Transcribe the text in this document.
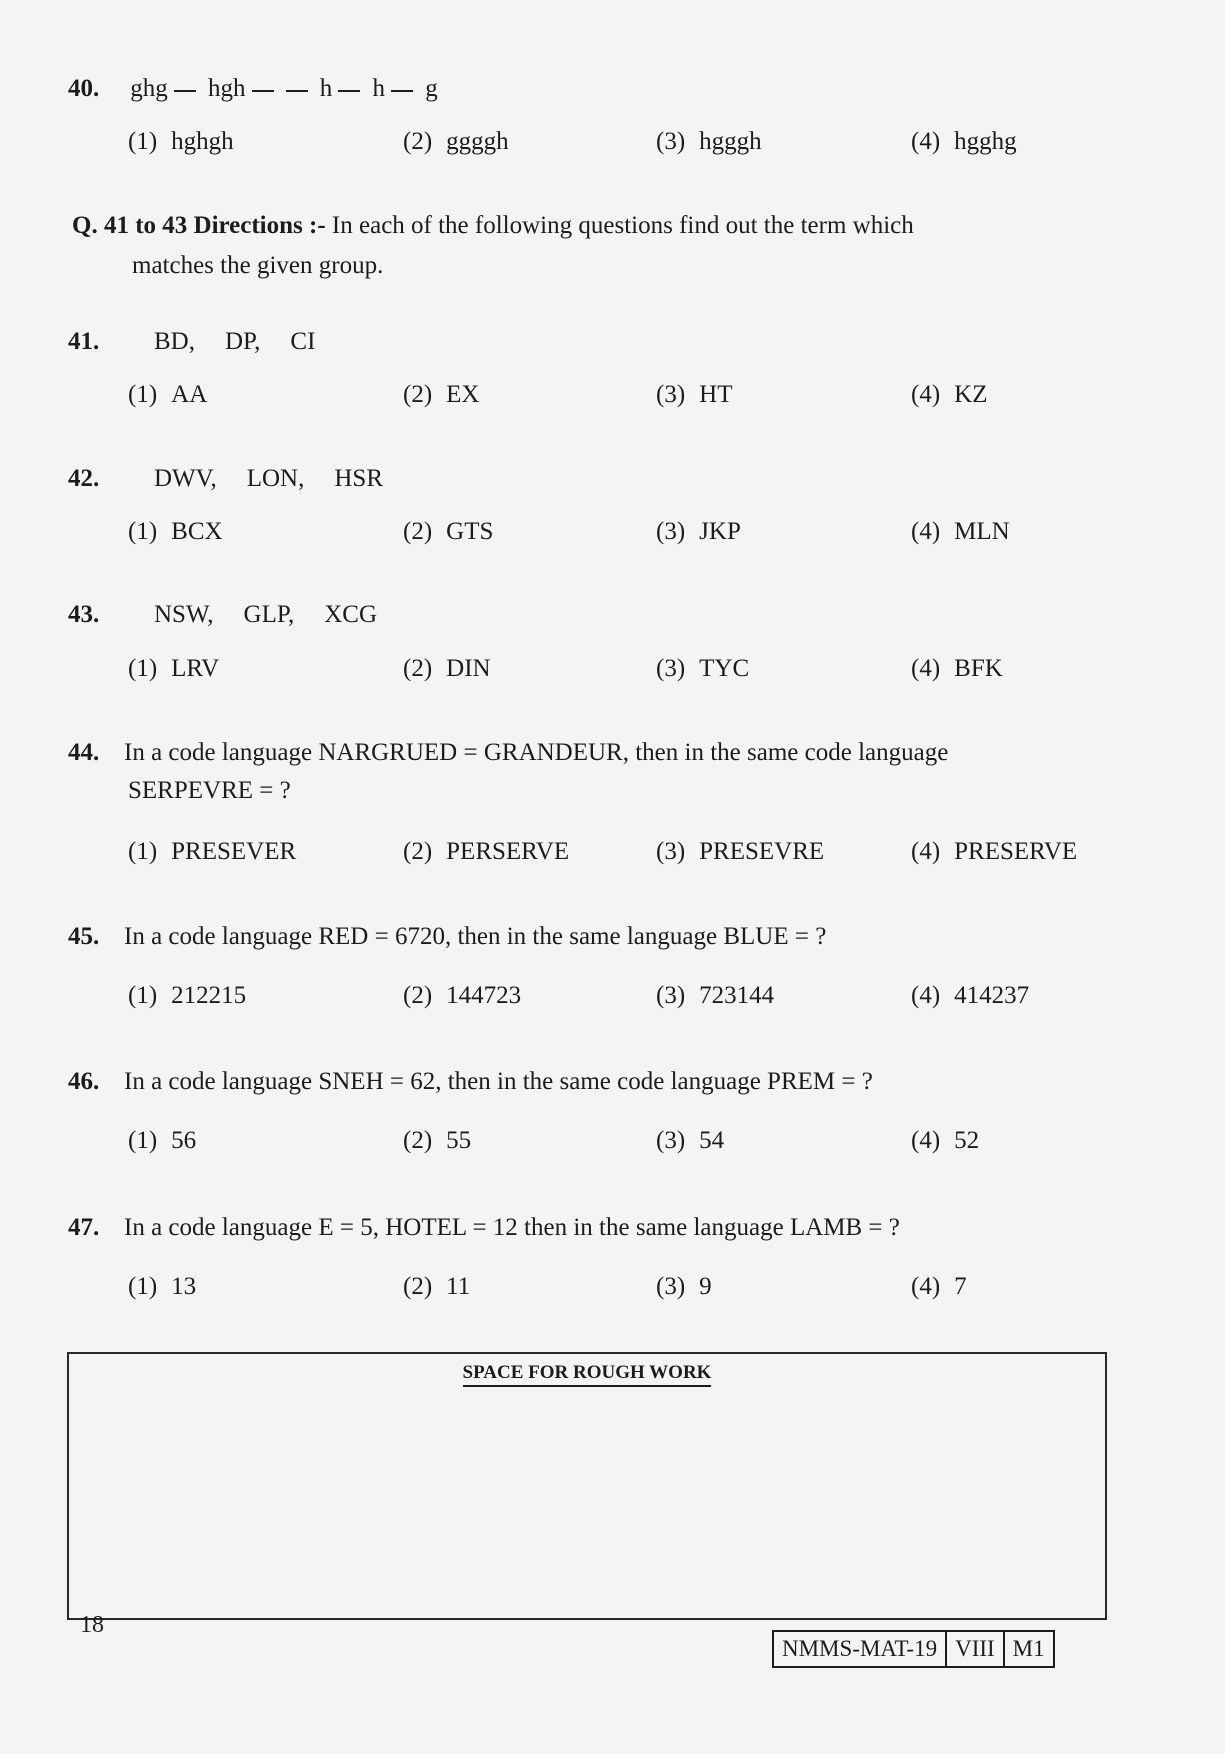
40. ghg hgh	h h g
(1) hghgh	(2) ggggh	(3) hgggh	(4) hgghg
Q. 41 to 43 Directions :- In each of the following questions find out the term which
matches the given group.
41. BD, DP, CI
(1) AA	(2) EX	(3) HT	(4) KZ
42. DWV, LON, HSR
(1) BCX	(2) GTS	(3) JKP	(4) MLN
43. NSW, GLP, XCG
(1) LRV	(2) DIN	(3) TYC	(4) BFK
44. In a code language NARGRUED = GRANDEUR, then in the same code language
SERPEVRE = ?
(1) PRESEVER	(2) PERSERVE	(3) PRESEVRE	(4) PRESERVE
45. In a code language RED = 6720, then in the same language BLUE = ?
(1) 212215	(2) 144723	(3) 723144	(4) 414237
46. In a code language SNEH = 62, then in the same code language PREM = ?
(1) 56	(2) 55	(3) 54	(4) 52
47. In a code language E = 5, HOTEL = 12 then in the same language LAMB = ?
(1) 13	(2) 11	(3) 9	(4) 7
SPACE FOR ROUGH WORK
18
NMMS-MAT-19 VIII M1
